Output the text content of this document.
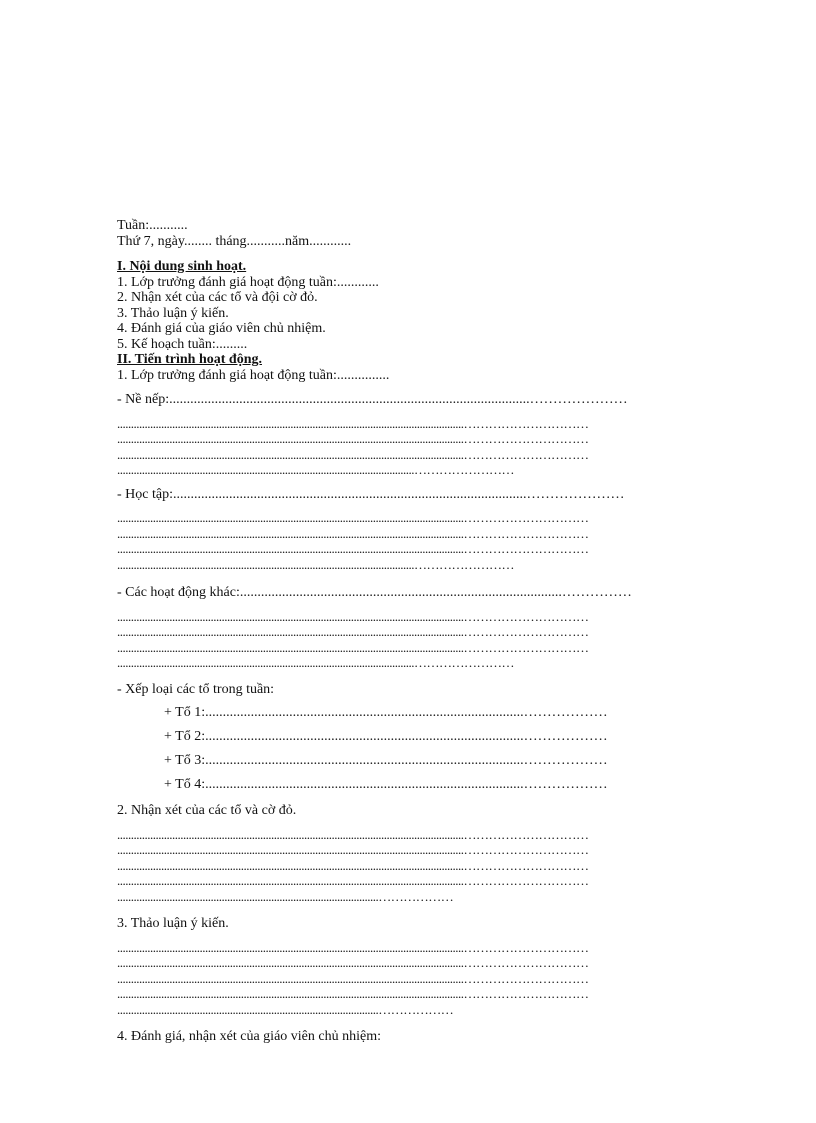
Tuần:...........
Thứ 7, ngày........ tháng...........năm............
I. Nội dung sinh hoạt.
1. Lớp trưởng đánh giá hoạt động tuần:............
2. Nhận xét của các tổ và đội cờ đỏ.
3. Thảo luận ý kiến.
4. Đánh giá của giáo viên chủ nhiệm.
5. Kế hoạch tuần:.........
II. Tiến trình hoạt động.
1. Lớp trưởng đánh giá hoạt động tuần:...............
- Nề nếp:.......................................................................................................…………………
..............................................................................................................................…………………………
..............................................................................................................................…………………………
..............................................................................................................................…………………………
............................................................................................................……………………
- Học tập:.....................................................................................................…………………
..............................................................................................................................…………………………
..............................................................................................................................…………………………
..............................................................................................................................…………………………
............................................................................................................……………………
- Các hoạt động khác:............................................................................................……………
..............................................................................................................................…………………………
..............................................................................................................................…………………………
..............................................................................................................................…………………………
............................................................................................................……………………
- Xếp loại các tổ trong tuần:
+ Tổ 1:...........................................................................................………………
+ Tổ 2:...........................................................................................………………
+ Tổ 3:...........................................................................................………………
+ Tổ 4:...........................................................................................………………
2. Nhận xét của các tổ và cờ đỏ.
..............................................................................................................................…………………………
..............................................................................................................................…………………………
..............................................................................................................................…………………………
..............................................................................................................................…………………………
...............................................................................................………………
3. Thảo luận ý kiến.
..............................................................................................................................…………………………
..............................................................................................................................…………………………
..............................................................................................................................…………………………
..............................................................................................................................…………………………
...............................................................................................………………
4. Đánh giá, nhận xét của giáo viên chủ nhiệm:
